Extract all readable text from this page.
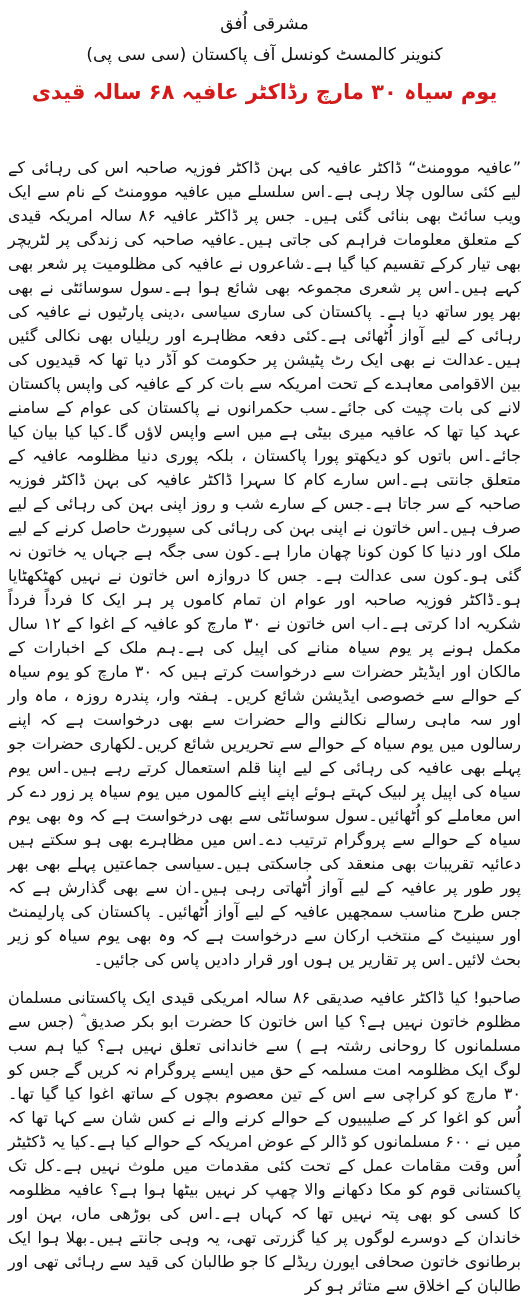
مشرقی اُفق
کنوینر کالمسٹ کونسل آف پاکستان (سی سی پی)
یوم سیاہ ۳۰ مارچ رڈاکٹر عافیہ ۶۸ سالہ قیدی

”عافیہ موومنٹ“ ڈاکٹر عافیہ کی بہن ڈاکٹر فوزیہ صاحبہ اس کی رہائی کے لیے کئی سالوں چلا رہی ہے۔اس سلسلے میں عافیہ موومنٹ کے نام سے ایک ویب سائٹ بھی بنائی گئی ہیں۔ جس پر ڈاکٹر عافیہ ۸۶ سالہ امریکہ قیدی کے متعلق معلومات فراہم کی جاتی ہیں۔عافیہ صاحبہ کی زندگی پر لٹریچر بھی تیار کرکے تقسیم کیا گیا ہے۔شاعروں نے عافیہ کی مظلومیت پر شعر بھی کہے ہیں۔اس پر شعری مجموعہ بھی شائع ہوا ہے۔سول سوسائٹی نے بھی بھر پور ساتھ دیا ہے۔ پاکستان کی ساری سیاسی ،دینی پارٹیوں نے عافیہ کی رہائی کے لیے آواز اُٹھائی ہے۔کئی دفعہ مظاہرے اور ریلیاں بھی نکالی گئیں ہیں۔عدالت نے بھی ایک رٹ پٹیشن پر حکومت کو آڈر دیا تھا کہ قیدیوں کی بین الاقوامی معاہدے کے تحت امریکہ سے بات کر کے عافیہ کی واپس پاکستان لانے کی بات چیت کی جائے۔سب حکمرانوں نے پاکستان کی عوام کے سامنے عہد کیا تھا کہ عافیہ میری بیٹی ہے میں اسے واپس لاؤں گا۔کیا کیا بیان کیا جائے۔اس باتوں کو دیکھتو پورا پاکستان ، بلکہ پوری دنیا مظلومہ عافیہ کے متعلق جانتی ہے۔اس سارے کام کا سہرا ڈاکٹر عافیہ کی بہن ڈاکٹر فوزیہ صاحبہ کے سر جاتا ہے۔جس کے سارے شب و روز اپنی بہن کی رہائی کے لیے صرف ہیں۔اس خاتون نے اپنی بہن کی رہائی کی سپورٹ حاصل کرنے کے لیے ملک اور دنیا کا کون کونا چھان مارا ہے۔کون سی جگہ ہے جہاں یہ خاتون نہ گئی ہو۔کون سی عدالت ہے۔ جس کا دروازہ اس خاتون نے نہیں کھٹکھٹایا ہو۔ڈاکٹر فوزیہ صاحبہ اور عوام ان تمام کاموں پر ہر ایک کا فرداً فرداً شکریہ ادا کرتی ہے۔اب اس خاتون نے ۳۰ مارچ کو عافیہ کے اغوا کے ۱۲ سال مکمل ہونے پر یوم سیاہ منانے کی اپیل کی ہے۔ہم ملک کے اخبارات کے مالکان اور ایڈیٹر حضرات سے درخواست کرتے ہیں کہ ۳۰ مارچ کو یوم سیاہ کے حوالے سے خصوصی ایڈیشن شائع کریں۔ ہفتہ وار، پندرہ روزہ ، ماہ وار اور سہ ماہی رسالے نکالنے والے حضرات سے بھی درخواست ہے کہ اپنے رسالوں میں یوم سیاہ کے حوالے سے تحریریں شائع کریں۔لکھاری حضرات جو پہلے بھی عافیہ کی رہائی کے لیے اپنا قلم استعمال کرتے رہے ہیں۔اس یوم سیاہ کی اپیل پر لبیک کہتے ہوئے اپنے اپنے کالموں میں یوم سیاہ پر زور دے کر اس معاملے کو اُٹھائیں۔سول سوسائٹی سے بھی درخواست ہے کہ وہ بھی یوم سیاہ کے حوالے سے پروگرام ترتیب دے۔اس میں مظاہرے بھی ہو سکتے ہیں دعائیہ تقریبات بھی منعقد کی جاسکتی ہیں۔سیاسی جماعتیں پہلے بھی بھر پور طور پر عافیہ کے لیے آواز اُٹھاتی رہی ہیں۔ان سے بھی گذارش ہے کہ جس طرح مناسب سمجھیں عافیہ کے لیے آواز اُٹھائیں۔ پاکستان کی پارلیمنٹ اور سینیٹ کے منتخب ارکان سے درخواست ہے کہ وہ بھی یوم سیاہ کو زیر بحث لائیں۔اس پر تقاریر یں ہوں اور قرار دادیں پاس کی جائیں۔

صاحبو! کیا ڈاکٹر عافیہ صدیقی ۸۶ سالہ امریکی قیدی ایک پاکستانی مسلمان مظلوم خاتون نہیں ہے؟ کیا اس خاتون کا حضرت ابو بکر صدیق ؓ (جس سے مسلمانوں کا روحانی رشتہ ہے ) سے خاندانی تعلق نہیں ہے؟ کیا ہم سب لوگ ایک مظلومہ امت مسلمہ کے حق میں ایسے پروگرام نہ کریں گے جس کو ۳۰ مارچ کو کراچی سے اس کے تین معصوم بچوں کے ساتھ اغوا کیا گیا تھا۔اُس کو اغوا کر کے صلیبیوں کے حوالے کرنے والے نے کس شان سے کہا تھا کہ میں نے ۶۰۰ مسلمانوں کو ڈالر کے عوض امریکہ کے حوالے کیا ہے۔کیا یہ ڈکٹیٹر اُس وقت مقامات عمل کے تحت کئی مقدمات میں ملوث نہیں ہے۔کل تک پاکستانی قوم کو مکا دکھانے والا چھپ کر نہیں بیٹھا ہوا ہے؟ عافیہ مظلومہ کا کسی کو بھی پتہ نہیں تھا کہ کہاں ہے۔اس کی بوڑھی ماں، بہن اور خاندان کے دوسرے لوگوں پر کیا گزرتی تھی، یہ وہی جانتے ہیں۔بھلا ہوا ایک برطانوی خاتون صحافی ایورن ریڈلے کا جو طالبان کی قید سے رہائی تھی اور طالبان کے اخلاق سے متاثر ہو کر
